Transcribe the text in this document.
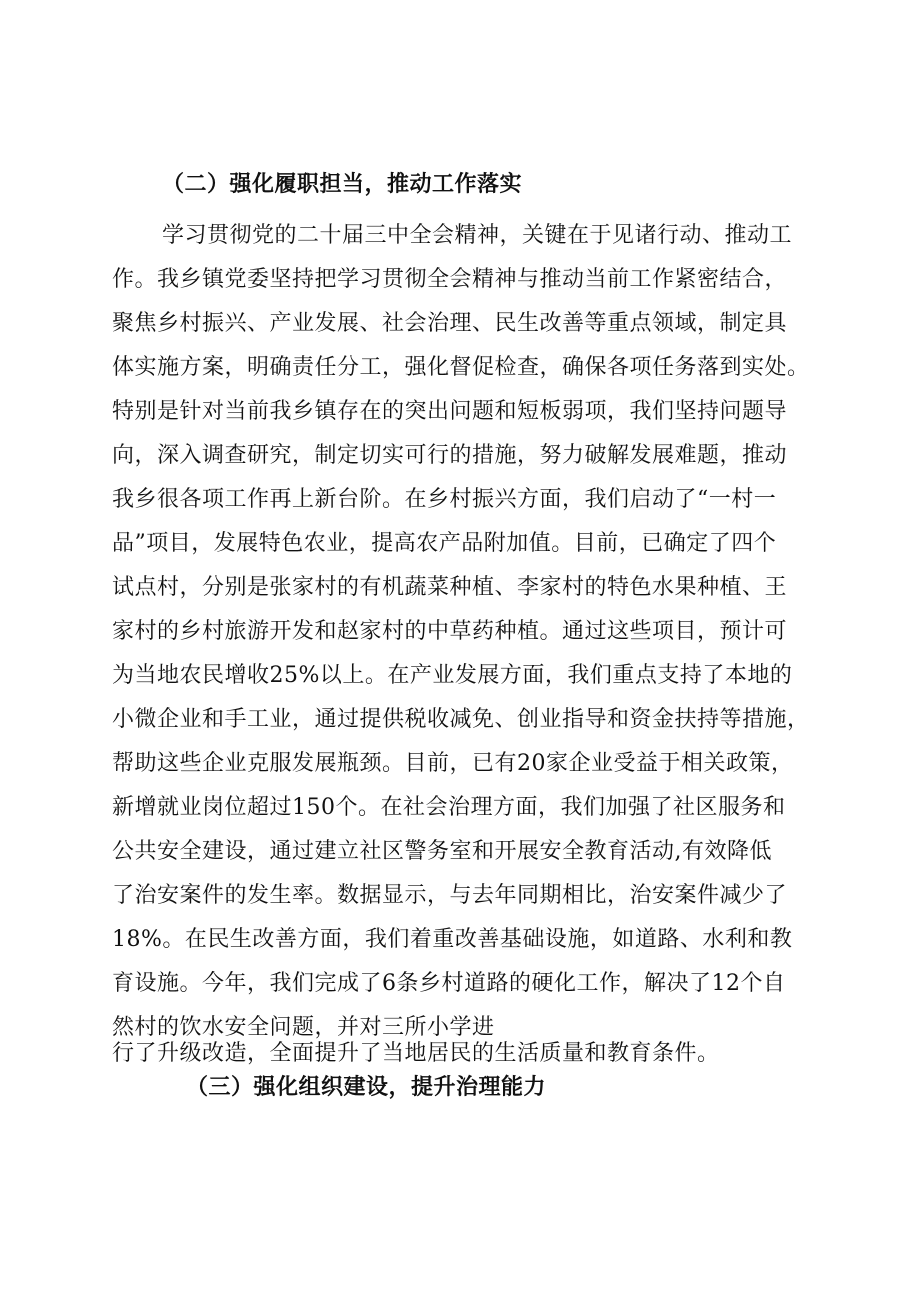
（二）强化履职担当，推动工作落实
学习贯彻党的二十届三中全会精神，关键在于见诸行动、推动工
作。我乡镇党委坚持把学习贯彻全会精神与推动当前工作紧密结合，
聚焦乡村振兴、产业发展、社会治理、民生改善等重点领域，制定具
体实施方案，明确责任分工，强化督促检查，确保各项任务落到实处。
特别是针对当前我乡镇存在的突出问题和短板弱项，我们坚持问题导
向，深入调查研究，制定切实可行的措施，努力破解发展难题，推动
我乡很各项工作再上新台阶。在乡村振兴方面，我们启动了“一村一
品”项目，发展特色农业，提高农产品附加值。目前，已确定了四个
试点村，分别是张家村的有机蔬菜种植、李家村的特色水果种植、王
家村的乡村旅游开发和赵家村的中草药种植。通过这些项目，预计可
为当地农民增收25%以上。在产业发展方面，我们重点支持了本地的
小微企业和手工业，通过提供税收减免、创业指导和资金扶持等措施，
帮助这些企业克服发展瓶颈。目前，已有20家企业受益于相关政策，
新增就业岗位超过150个。在社会治理方面，我们加强了社区服务和
公共安全建设，通过建立社区警务室和开展安全教育活动,有效降低
了治安案件的发生率。数据显示，与去年同期相比，治安案件减少了
18%。在民生改善方面，我们着重改善基础设施，如道路、水利和教
育设施。今年，我们完成了6条乡村道路的硬化工作，解决了12个自
然村的饮水安全问题，并对三所小学进
行了升级改造，全面提升了当地居民的生活质量和教育条件。
（三）强化组织建设，提升治理能力
